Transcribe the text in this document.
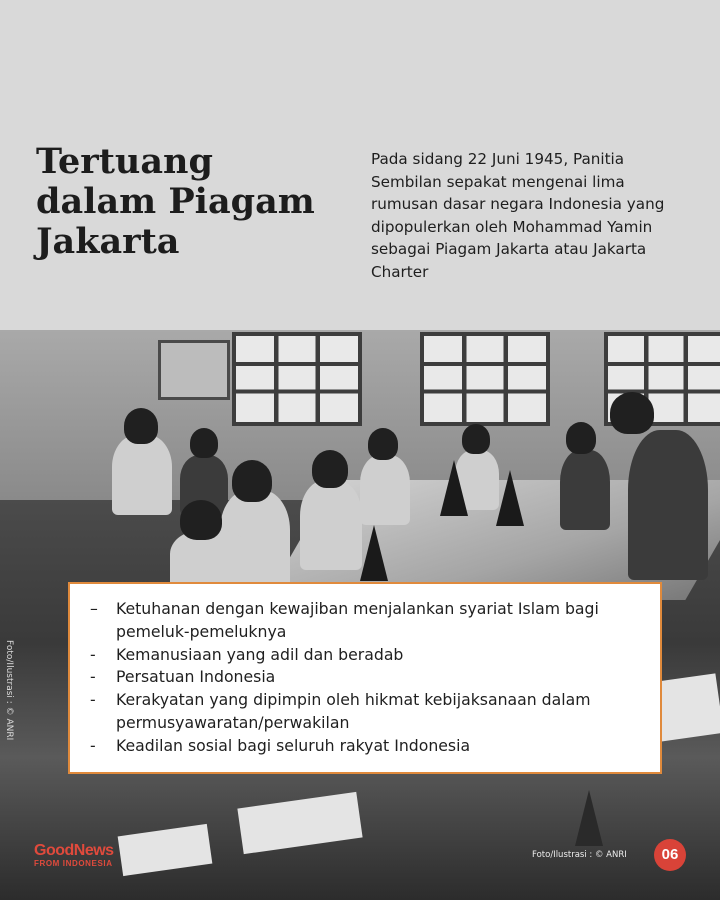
Tertuang
dalam Piagam
Jakarta

Pada sidang 22 Juni 1945, Panitia Sembilan sepakat mengenai lima rumusan dasar negara Indonesia yang dipopulerkan oleh Mohammad Yamin sebagai Piagam Jakarta atau Jakarta Charter

Foto/Ilustrasi : © ANRI
– Ketuhanan dengan kewajiban menjalankan syariat Islam bagi pemeluk-pemeluknya
- Kemanusiaan yang adil dan beradab
- Persatuan Indonesia
- Kerakyatan yang dipimpin oleh hikmat kebijaksanaan dalam permusyawaratan/perwakilan
- Keadilan sosial bagi seluruh rakyat Indonesia
GoodNews
FROM INDONESIA
Foto/Ilustrasi : © ANRI	06
